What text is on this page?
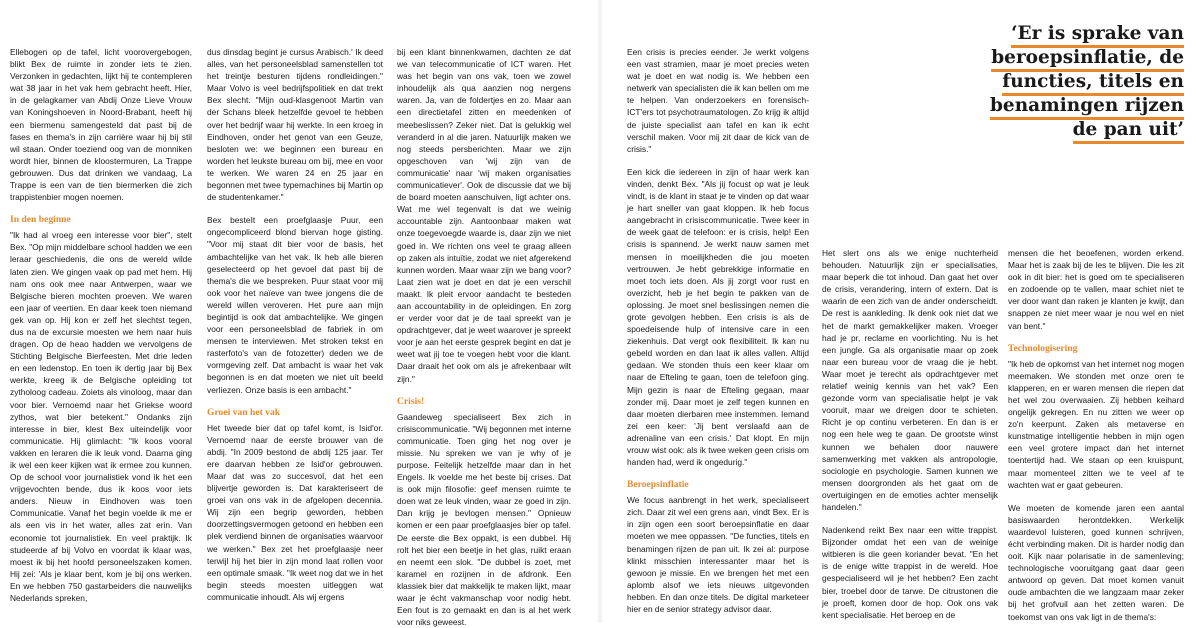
Ellebogen op de tafel, licht voorovergebogen, blikt Bex de ruimte in zonder iets te zien. Verzonken in gedachten, lijkt hij te contempleren wat 38 jaar in het vak hem gebracht heeft. Hier, in de gelagkamer van Abdij Onze Lieve Vrouw van Koningshoeven in Noord-Brabant, heeft hij een biermenu samengesteld dat past bij de fases en thema's in zijn carrière waar hij bij stil wil staan. Onder toeziend oog van de monniken wordt hier, binnen de kloostermuren, La Trappe gebrouwen. Dus dat drinken we vandaag, La Trappe is een van de tien biermerken die zich trappistenbier mogen noemen.

In den beginne

"Ik had al vroeg een interesse voor bier", stelt Bex. "Op mijn middelbare school hadden we een leraar geschiedenis, die ons de wereld wilde laten zien. We gingen vaak op pad met hem. Hij nam ons ook mee naar Antwerpen, waar we Belgische bieren mochten proeven. We waren een jaar of veertien. En daar keek toen niemand gek van op. Hij kon er zelf het slechtst tegen, dus na de excursie moesten we hem naar huis dragen. Op de heao hadden we vervolgens de Stichting Belgische Bierfeesten. Met drie leden en een ledenstop. En toen ik dertig jaar bij Bex werkte, kreeg ik de Belgische opleiding tot zytholoog cadeau. Zoiets als vinoloog, maar dan voor bier. Vernoemd naar het Griekse woord zythos, wat bier betekent." Ondanks zijn interesse in bier, klest Bex uiteindelijk voor communicatie. Hij glimlacht: "Ik koos vooral vakken en leraren die ik leuk vond. Daarna ging ik wel een keer kijken wat ik ermee zou kunnen. Op de school voor journalistiek vond ik het een vrijgevochten bende, dus ik koos voor iets anders. Nieuw in Eindhoven was toen Communicatie. Vanaf het begin voelde ik me er als een vis in het water, alles zat erin. Van economie tot journalistiek. En veel praktijk. Ik studeerde af bij Volvo en voordat ik klaar was, moest ik bij het hoofd personeelszaken komen. Hij zei: 'Als je klaar bent, kom je bij ons werken. En we hebben 750 gastarbeiders die nauwelijks Nederlands spreken,

dus dinsdag begint je cursus Arabisch.' Ik deed alles, van het personeelsblad samenstellen tot het treintje besturen tijdens rondleidingen." Maar Volvo is veel bedrijfspolitiek en dat trekt Bex slecht. "Mijn oud-klasgenoot Martin van der Schans bleek hetzelfde gevoel te hebben over het bedrijf waar hij werkte. In een kroeg in Eindhoven, onder het genot van een Geuze, besloten we: we beginnen een bureau en worden het leukste bureau om bij, mee en voor te werken. We waren 24 en 25 jaar en begonnen met twee typemachines bij Martin op de studentenkamer."

Bex besteIt een proefglaasje Puur, een ongecompliceerd blond biervan hoge gisting. "Voor mij staat dit bier voor de basis, het ambachtelijke van het vak. Ik heb alle bieren geselecteerd op het gevoel dat past bij de thema's die we bespreken. Puur staat voor mij ook voor het naïeve van twee jongens die de wereld willen veroveren. Het pure aan mijn begintijd is ook dat ambachtelijke. We gingen voor een personeelsblad de fabriek in om mensen te interviewen. Met stroken tekst en rasterfoto's van de fotozetter) deden we de vormgeving zelf. Dat ambacht is waar het vak begonnen is en dat moeten we niet uit beeld verliezen. Onze basis is een ambacht."

Groei van het vak

Het tweede bier dat op tafel komt, is Isid'or. Vernoemd naar de eerste brouwer van de abdij. "In 2009 bestond de abdij 125 jaar. Ter ere daarvan hebben ze Isid'or gebrouwen. Maar dat was zo succesvol, dat het een blijvertje geworden is. Dat karakteriseert de groei van ons vak in de afgelopen decennia. Wij zijn een begrip geworden, hebben doorzettingsvermogen getoond en hebben een plek verdiend binnen de organisaties waarvoor we werken." Bex zet het proefglaasje neer terwijl hij het bier in zijn mond laat rollen voor een optimale smaak. "Ik weet nog dat we in het begin steeds moesten uitleggen wat communicatie inhoudt. Als wij ergens

bij een klant binnenkwamen, dachten ze dat we van telecommunicatie of ICT waren. Het was het begin van ons vak, toen we zowel inhoudelijk als qua aanzien nog nergens waren. Ja, van de foldertjes en zo. Maar aan een directietafel zitten en meedenken of meebeslissen? Zeker niet. Dat is gelukkig wel veranderd in al die jaren. Natuurlijk maken we nog steeds persberichten. Maar we zijn opgeschoven van 'wij zijn van de communicatie' naar 'wij maken organisaties communicatiever'. Ook de discussie dat we bij de board moeten aanschuiven, ligt achter ons. Wat me wel tegenvalt is dat we weinig accountable zijn. Aantoonbaar maken wat onze toegevoegde waarde is, daar zijn we niet goed in. We richten ons veel te graag alleen op zaken als intuïtie, zodat we niet afgerekend kunnen worden. Maar waar zijn we bang voor? Laat zien wat je doet en dat je een verschil maakt. Ik pleit ervoor aandacht te besteden aan accountability in de opleidingen. En zorg er verder voor dat je de taal spreekt van je opdrachtgever, dat je weet waarover je spreekt voor je aan het eerste gesprek begint en dat je weet wat jij toe te voegen hebt voor die klant. Daar draait het ook om als je afrekenbaar wilt zijn."

Crisis!

Gaandeweg specialiseert Bex zich in crisiscommunicatie. "Wij begonnen met interne communicatie. Toen ging het nog over je missie. Nu spreken we van je why of je purpose. Feitelijk hetzelfde maar dan in het Engels. Ik voelde me het beste bij crises. Dat is ook mijn filosofie: geef mensen ruimte te doen wat ze leuk vinden, waar ze goed in zijn. Dan krijg je bevlogen mensen." Opnieuw komen er een paar proefglaasjes bier op tafel. De eerste die Bex oppakt, is een dubbel. Hij rolt het bier een beetje in het glas, ruikt eraan en neemt een slok. "De dubbel is zoet, met karamel en rozijnen in de afdronk. Een klassiek bier dat makkelijk te maken lijkt, maar waar je écht vakmanschap voor nodig hebt. Een fout is zo gemaakt en dan is al het werk voor niks geweest.

Een crisis is precies eender. Je werkt volgens een vast stramien, maar je moet precies weten wat je doet en wat nodig is. We hebben een netwerk van specialisten die ik kan bellen om me te helpen. Van onderzoekers en forensisch-ICT'ers tot psychotraumatologen. Zo krijg ik altijd de juiste specialist aan tafel en kan ik echt verschil maken. Voor mij zit daar de kick van de crisis."

Een kick die iedereen in zijn of haar werk kan vinden, denkt Bex. "Als jij focust op wat je leuk vindt, is de klant in staat je te vinden op dat waar je hart sneller van gaat kloppen. Ik heb focus aangebracht in crisiscommunicatie. Twee keer in de week gaat de telefoon: er is crisis, help! Een crisis is spannend. Je werkt nauw samen met mensen in moeilijkheden die jou moeten vertrouwen. Je hebt gebrekkige informatie en moet toch iets doen. Als jij zorgt voor rust en overzicht, heb je het begin te pakken van de oplossing. Je moet snel beslissingen nemen die grote gevolgen hebben. Een crisis is als de spoedeisende hulp of intensive care in een ziekenhuis. Dat vergt ook flexibiliteit. Ik kan nu gebeld worden en dan laat ik alles vallen. Altijd gedaan. We stonden thuis een keer klaar om naar de Efteling te gaan, toen de telefoon ging. Mijn gezin is naar de Efteling gegaan, maar zonder mij. Daar moet je zelf tegen kunnen en daar moeten dierbaren mee instemmen. Iemand zei een keer: 'Jij bent verslaafd aan de adrenaline van een crisis.' Dat klopt. En mijn vrouw wist ook: als ik twee weken geen crisis om handen had, werd ik ongedurig."

Beroepsinflatie

We focus aanbrengt in het werk, specialiseert zich. Daar zit wel een grens aan, vindt Bex. Er is in zijn ogen een soort beroepsinflatie en daar moeten we mee oppassen. "De functies, titels en benamingen rijzen de pan uit. Ik zei al: purpose klinkt misschien interessanter maar het is gewoon je missie. En we brengen het met een aplomb alsof we iets nieuws uitgevonden hebben. En dan onze titels. De digital marketeer hier en de senior strategy advisor daar.

Het slert ons als we enige nuchterheid behouden. Natuurlijk zijn er specialisaties, maar beperk die tot inhoud. Dan gaat het over de crisis, verandering, intern of extern. Dat is waarin de een zich van de ander onderscheidt. De rest is aankleding. Ik denk ook niet dat we het de markt gemakkelijker maken. Vroeger had je pr, reclame en voorlichting. Nu is het een jungle. Ga als organisatie maar op zoek naar een bureau voor de vraag die je hebt. Waar moet je terecht als opdrachtgever met relatief weinig kennis van het vak? Een gezonde vorm van specialisatie helpt je vak vooruit, maar we dreigen door te schieten. Richt je op continu verbeteren. En dan is er nog een hele weg te gaan. De grootste winst kunnen we behalen door nauwere samenwerking met vakken als antropologie, sociologie en psychologie. Samen kunnen we mensen doorgronden als het gaat om de overtuigingen en de emoties achter menselijk handelen."

Nadenkend reikt Bex naar een witte trappist. Bijzonder omdat het een van de weinige witbieren is die geen koriander bevat. "En het is de enige witte trappist in de wereld. Hoe gespecialiseerd wil je het hebben? Een zacht bier, troebel door de tarwe. De citrustonen die je proeft, komen door de hop. Ook ons vak kent specialisatie. Het beroep en de

mensen die het beoefenen, worden erkend. Maar het is zaak bij de les te blijven. Die les zit ook in dit bier: het is goed om te specialiseren en zodoende op te vallen, maar schiet niet te ver door want dan raken je klanten je kwijt, dan snappen ze niet meer waar je nou wel en niet van bent."

Technologisering

"Ik heb de opkomst van het internet nog mogen meemaken. We stonden met onze oren te klapperen, en er waren mensen die riepen dat het wel zou overwaaien. Zij hebben keihard ongelijk gekregen. En nu zitten we weer op zo'n keerpunt. Zaken als metaverse en kunstmatige intelligentie hebben in mijn ogen een veel grotere impact dan het internet toentertijd had. We staan op een kruispunt, maar momenteel zitten we te veel af te wachten wat er gaat gebeuren.

We moeten de komende jaren een aantal basiswaarden herontdekken. Werkelijk waardevol luisteren, goed kunnen schrijven, écht verbinding maken. Dit is harder nodig dan ooit. Kijk naar polarisatie in de samenleving; technologische vooruitgang gaat daar geen antwoord op geven. Dat moet komen vanuit oude ambachten die we langzaam maar zeker bij het grofvuil aan het zetten waren. De toekomst van ons vak ligt in de thema's:

‘Er is sprake van
beroepsinflatie, de
functies, titels en
benamingen rijzen
de pan uit’
